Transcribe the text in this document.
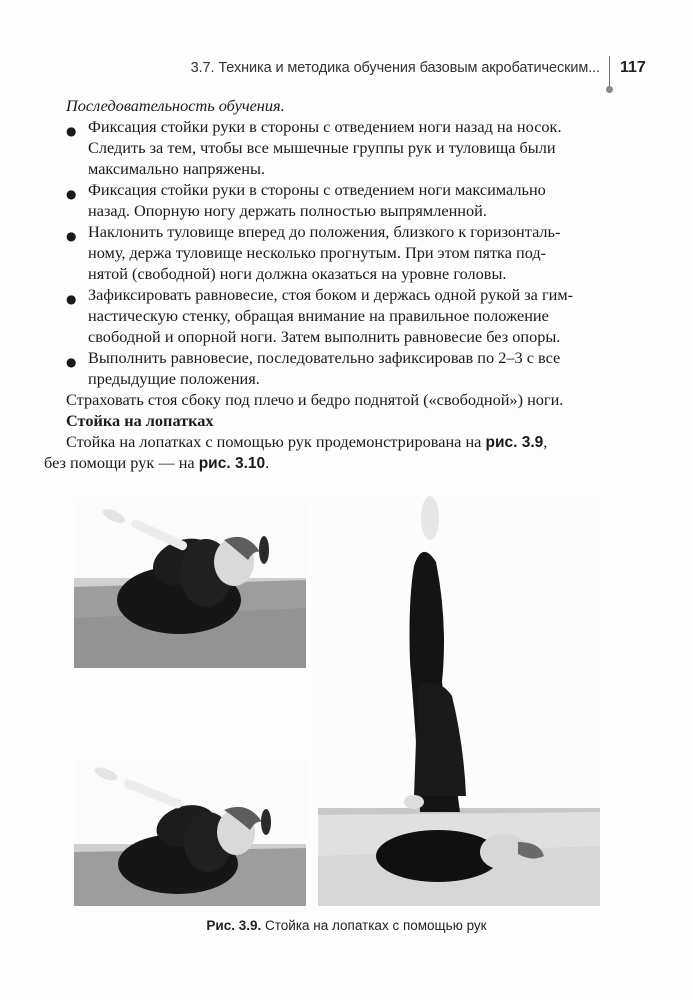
3.7. Техника и методика обучения базовым акробатическим... 117
Последовательность обучения.
● Фиксация стойки руки в стороны с отведением ноги назад на носок.
Следить за тем, чтобы все мышечные группы рук и туловища были
максимально напряжены.
● Фиксация стойки руки в стороны с отведением ноги максимально
назад. Опорную ногу держать полностью выпрямленной.
● Наклонить туловище вперед до положения, близкого к горизонталь-
ному, держа туловище несколько прогнутым. При этом пятка под-
нятой (свободной) ноги должна оказаться на уровне головы.
● Зафиксировать равновесие, стоя боком и держась одной рукой за гим-
настическую стенку, обращая внимание на правильное положение
свободной и опорной ноги. Затем выполнить равновесие без опоры.
● Выполнить равновесие, последовательно зафиксировав по 2–3 с все
предыдущие положения.
Страховать стоя сбоку под плечо и бедро поднятой («свободной») ноги.
Стойка на лопатках
Стойка на лопатках с помощью рук продемонстрирована на рис. 3.9,
без помощи рук — на рис. 3.10.
Рис. 3.9. Стойка на лопатках с помощью рук
